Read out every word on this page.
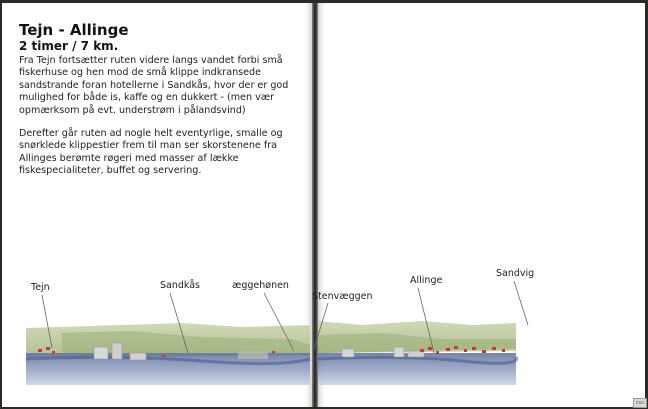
Tejn - Allinge
2 timer / 7 km.

Fra Tejn fortsætter ruten videre langs vandet forbi små fiskerhuse og hen mod de små klippe indkransede sandstrande foran hotellerne i Sandkås, hvor der er god mulighed for både is, kaffe og en dukkert - (men vær opmærksom på evt. understrøm i pålandsvind)

Derefter går ruten ad nogle helt eventyrlige, smalle og snørklede klippestier frem til man ser skorstenene fra Allinges berømte røgeri med masser af lække fiskespecialiteter, buffet og servering.

Tejn	Sandkås	æggehønen
Stenvæggen
Allinge
Sandvig
▫▫
